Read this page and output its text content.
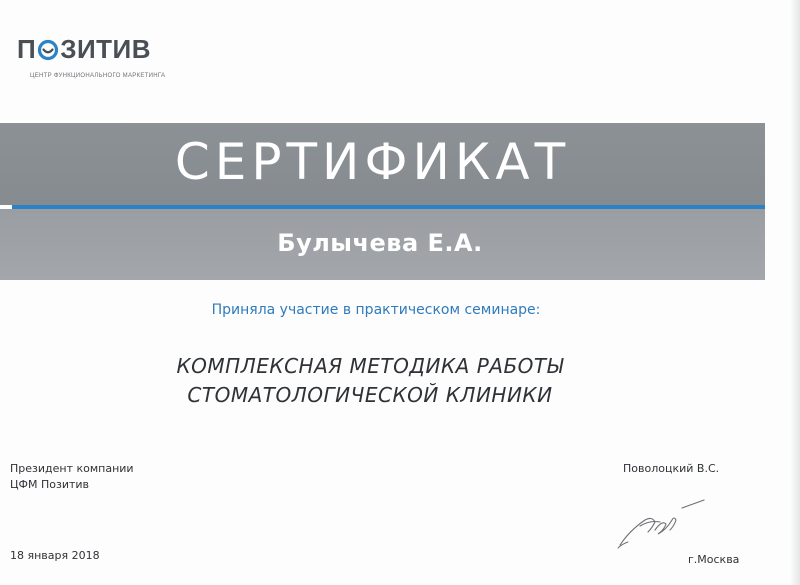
П ЗИТИВ
ЦЕНТР ФУНКЦИОНАЛЬНОГО МАРКЕТИНГА
СЕРТИФИКАТ
Булычева Е.А.
Приняла участие в практическом семинаре:
КОМПЛЕКСНАЯ МЕТОДИКА РАБОТЫ
СТОМАТОЛОГИЧЕСКОЙ КЛИНИКИ
Президент компании
ЦФМ Позитив
Поволоцкий В.С.
18 января 2018	г.Москва
